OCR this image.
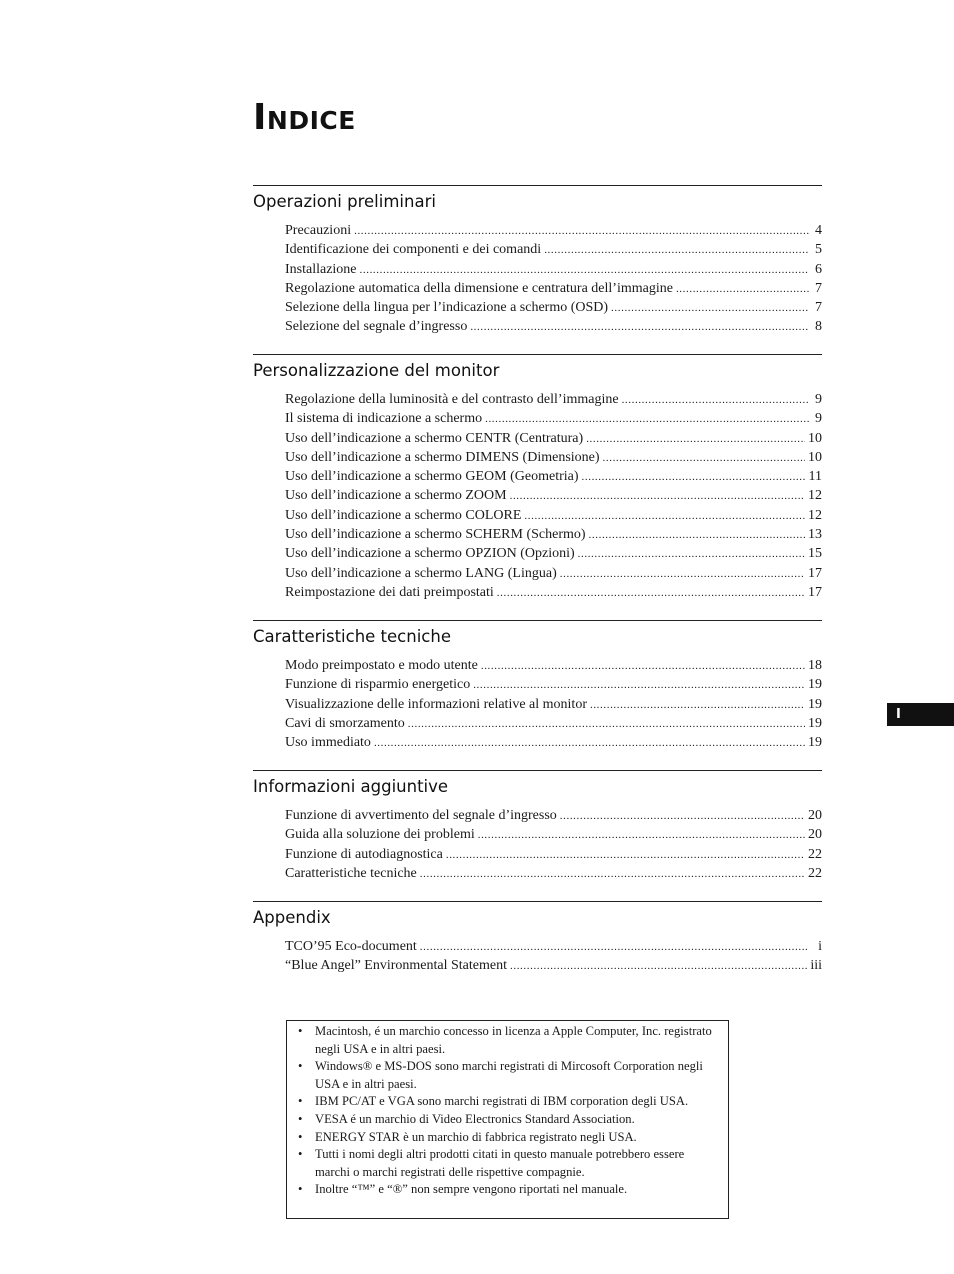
Indice
Operazioni preliminari
Precauzioni .....	4
Identificazione dei componenti e dei comandi .....	5
Installazione .....	6
Regolazione automatica della dimensione e centratura dell’immagine .....	7
Selezione della lingua per l’indicazione a schermo (OSD) .....	7
Selezione del segnale d’ingresso .....	8
Personalizzazione del monitor
Regolazione della luminosità e del contrasto dell’immagine .....	9
Il sistema di indicazione a schermo .....	9
Uso dell’indicazione a schermo CENTR (Centratura) .....	10
Uso dell’indicazione a schermo DIMENS (Dimensione) .....	10
Uso dell’indicazione a schermo GEOM (Geometria) .....	11
Uso dell’indicazione a schermo ZOOM .....	12
Uso dell’indicazione a schermo COLORE .....	12
Uso dell’indicazione a schermo SCHERM (Schermo) .....	13
Uso dell’indicazione a schermo OPZION (Opzioni) .....	15
Uso dell’indicazione a schermo LANG (Lingua) .....	17
Reimpostazione dei dati preimpostati .....	17
Caratteristiche tecniche
Modo preimpostato e modo utente .....	18
Funzione di risparmio energetico .....	19
Visualizzazione delle informazioni relative al monitor .....	19
Cavi di smorzamento .....	19
Uso immediato .....	19
Informazioni aggiuntive
Funzione di avvertimento del segnale d’ingresso .....	20
Guida alla soluzione dei problemi .....	20
Funzione di autodiagnostica .....	22
Caratteristiche tecniche .....	22
Appendix
TCO’95 Eco-document .....	i
“Blue Angel” Environmental Statement .....	iii
I
• Macintosh, é un marchio concesso in licenza a Apple Computer, Inc. registrato negli USA e in altri paesi.
• Windows® e MS-DOS sono marchi registrati di Mircosoft Corporation negli USA e in altri paesi.
• IBM PC/AT e VGA sono marchi registrati di IBM corporation degli USA.
• VESA é un marchio di Video Electronics Standard Association.
• ENERGY STAR è un marchio di fabbrica registrato negli USA.
• Tutti i nomi degli altri prodotti citati in questo manuale potrebbero essere marchi o marchi registrati delle rispettive compagnie.
• Inoltre “™” e “®” non sempre vengono riportati nel manuale.
